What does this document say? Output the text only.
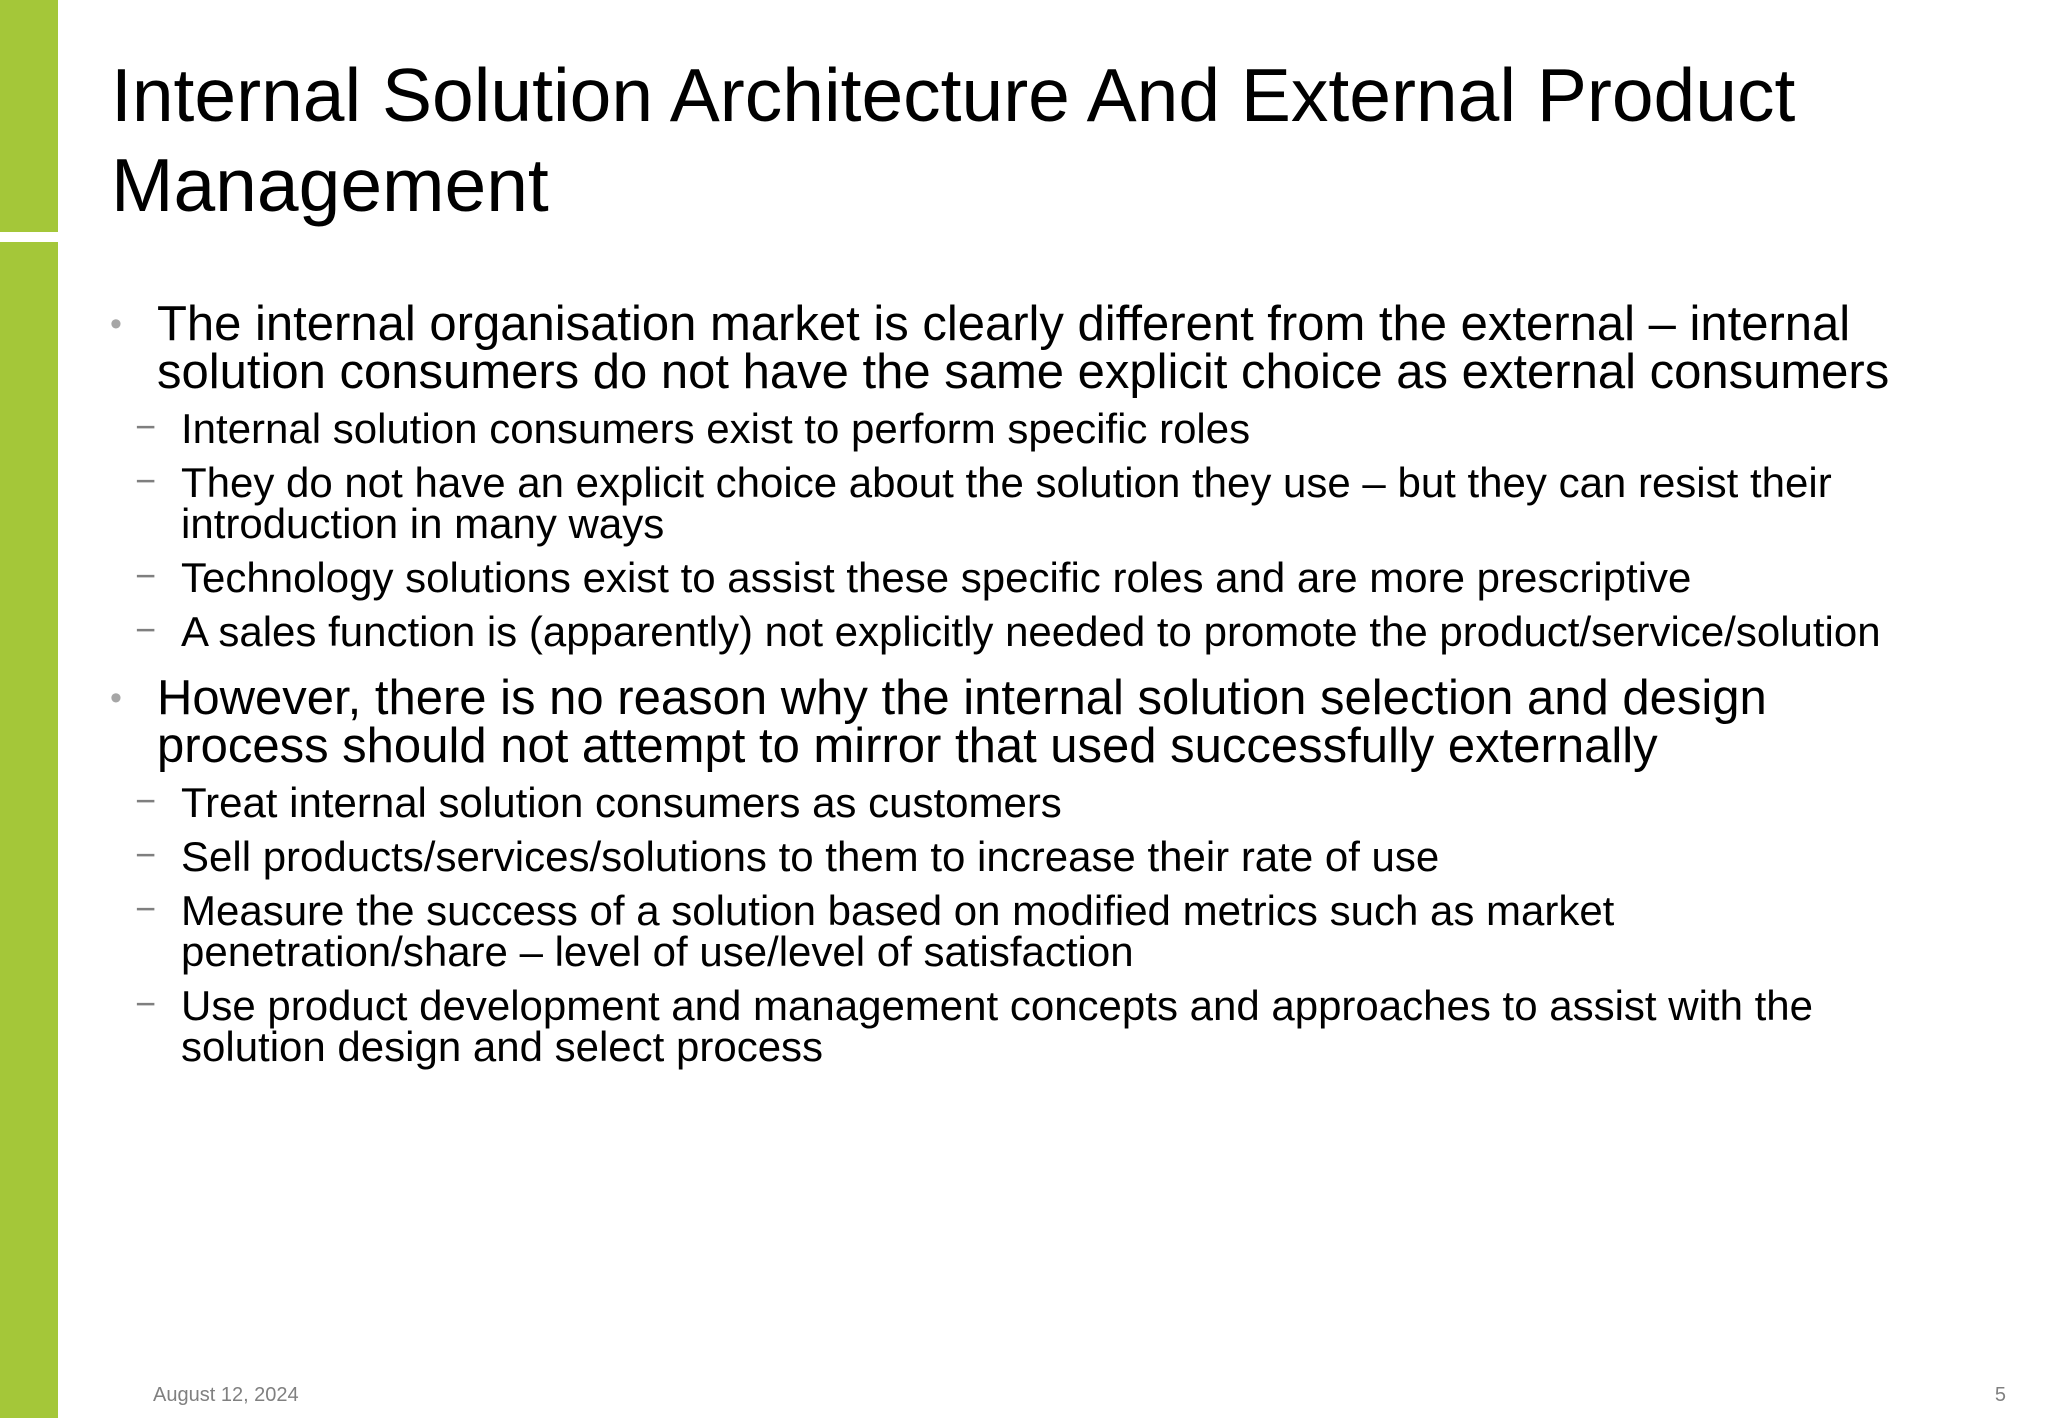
Internal Solution Architecture And External Product Management
• The internal organisation market is clearly different from the external – internal solution consumers do not have the same explicit choice as external consumers
− Internal solution consumers exist to perform specific roles
− They do not have an explicit choice about the solution they use – but they can resist their introduction in many ways
− Technology solutions exist to assist these specific roles and are more prescriptive
− A sales function is (apparently) not explicitly needed to promote the product/service/solution
• However, there is no reason why the internal solution selection and design process should not attempt to mirror that used successfully externally
− Treat internal solution consumers as customers
− Sell products/services/solutions to them to increase their rate of use
− Measure the success of a solution based on modified metrics such as market penetration/share – level of use/level of satisfaction
− Use product development and management concepts and approaches to assist with the solution design and select process
August 12, 2024	5
